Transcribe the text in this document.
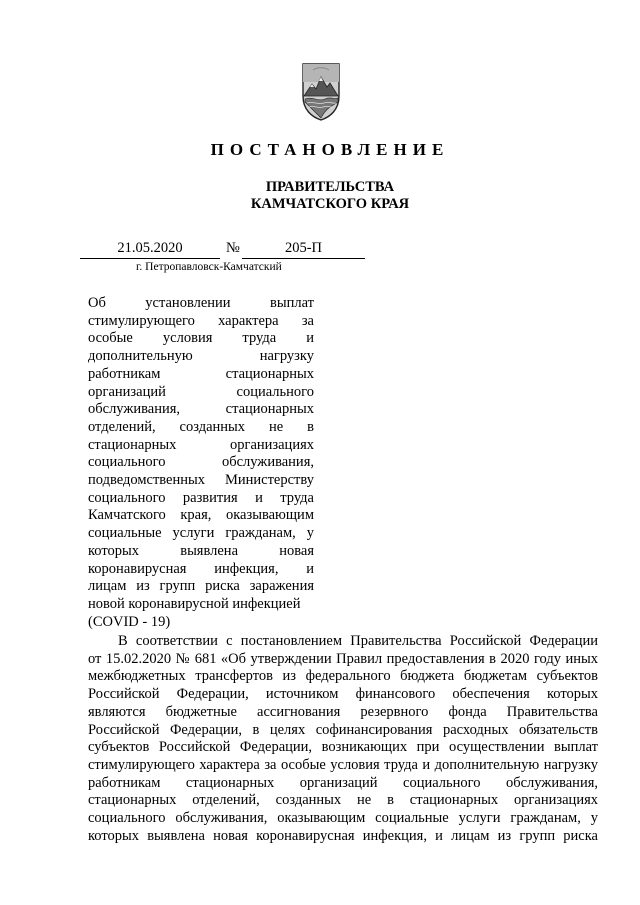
ПОСТАНОВЛЕНИЕ
ПРАВИТЕЛЬСТВА
КАМЧАТСКОГО КРАЯ
21.05.2020	№	205-П
г. Петропавловск-Камчатский
Об установлении выплат
стимулирующего характера за
особые условия труда и
дополнительную нагрузку
работникам стационарных
организаций социального
обслуживания, стационарных
отделений, созданных не в
стационарных организациях
социального обслуживания,
подведомственных Министерству
социального развития и труда
Камчатского края, оказывающим
социальные услуги гражданам, у
которых выявлена новая
коронавирусная инфекция, и
лицам из групп риска заражения
новой коронавирусной инфекцией
(COVID - 19)
В соответствии с постановлением Правительства Российской Федерации
от 15.02.2020 № 681 «Об утверждении Правил предоставления в 2020 году иных
межбюджетных трансфертов из федерального бюджета бюджетам субъектов
Российской Федерации, источником финансового обеспечения которых
являются бюджетные ассигнования резервного фонда Правительства
Российской Федерации, в целях софинансирования расходных обязательств
субъектов Российской Федерации, возникающих при осуществлении выплат
стимулирующего характера за особые условия труда и дополнительную нагрузку
работникам стационарных организаций социального обслуживания,
стационарных отделений, созданных не в стационарных организациях
социального обслуживания, оказывающим социальные услуги гражданам, у
которых выявлена новая коронавирусная инфекция, и лицам из групп риска
